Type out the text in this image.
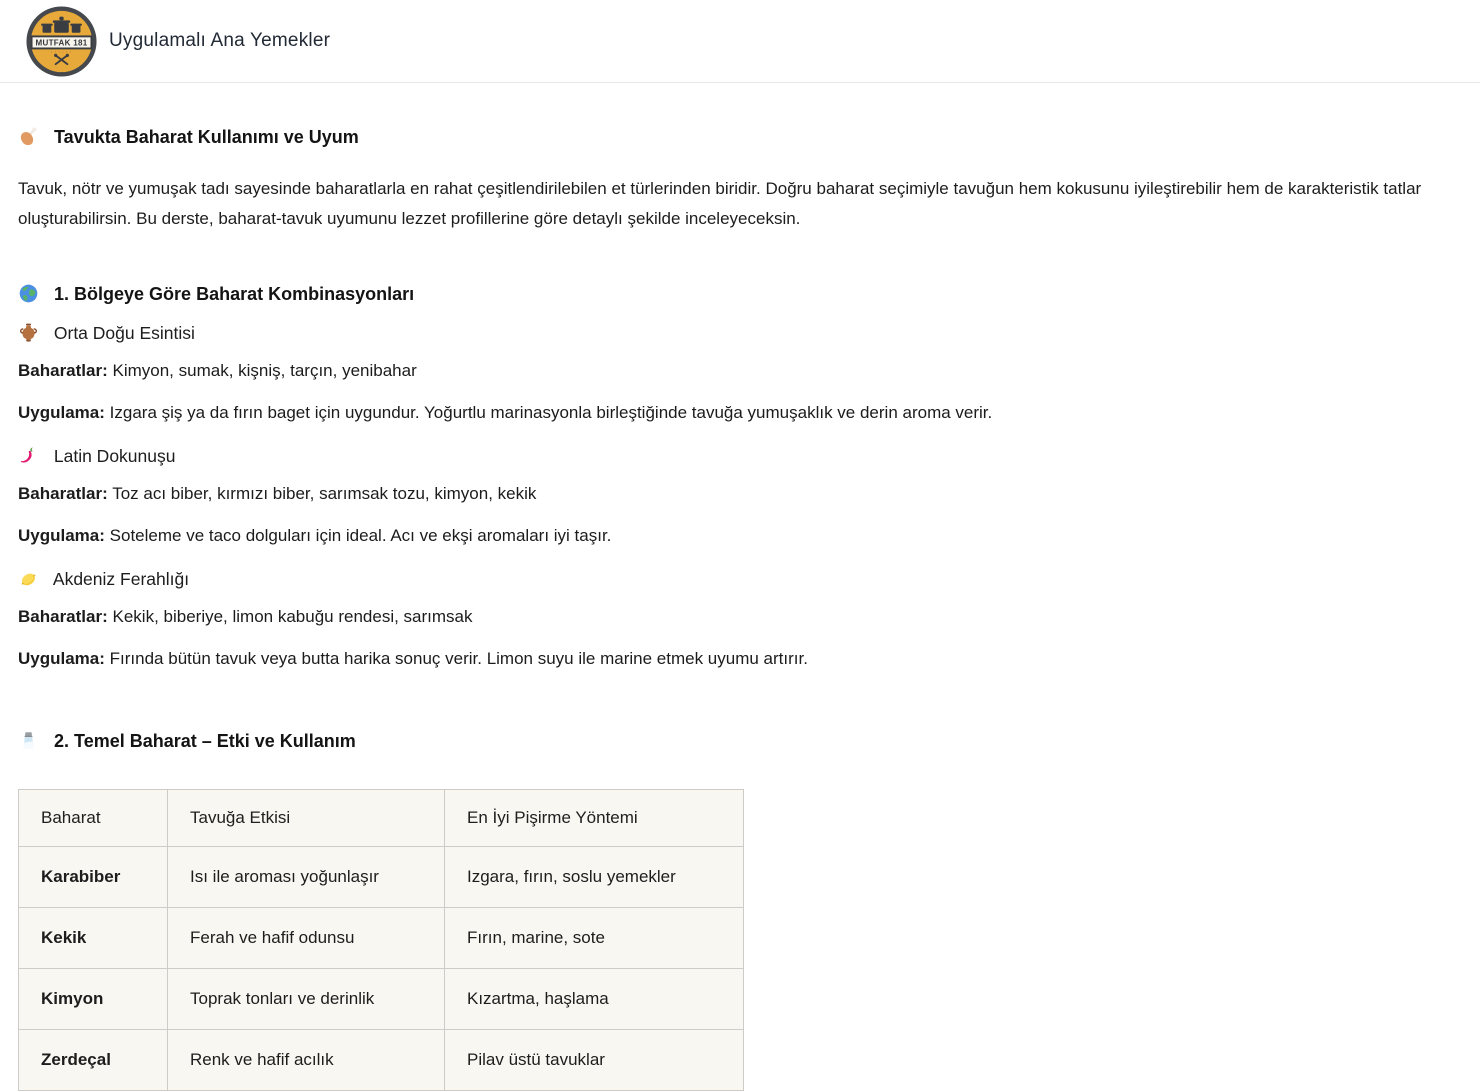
MUTFAK 181
• • • • • •
Uygulamalı Ana Yemekler
Tavukta Baharat Kullanımı ve Uyum

Tavuk, nötr ve yumuşak tadı sayesinde baharatlarla en rahat çeşitlendirilebilen et türlerinden biridir. Doğru baharat seçimiyle tavuğun hem kokusunu iyileştirebilir hem de karakteristik tatlar oluşturabilirsin. Bu derste, baharat-tavuk uyumunu lezzet profillerine göre detaylı şekilde inceleyeceksin.

1. Bölgeye Göre Baharat Kombinasyonları
Orta Doğu Esintisi

Baharatlar: Kimyon, sumak, kişniş, tarçın, yenibahar

Uygulama: Izgara şiş ya da fırın baget için uygundur. Yoğurtlu marinasyonla birleştiğinde tavuğa yumuşaklık ve derin aroma verir.

Latin Dokunuşu

Baharatlar: Toz acı biber, kırmızı biber, sarımsak tozu, kimyon, kekik

Uygulama: Soteleme ve taco dolguları için ideal. Acı ve ekşi aromaları iyi taşır.

Akdeniz Ferahlığı

Baharatlar: Kekik, biberiye, limon kabuğu rendesi, sarımsak

Uygulama: Fırında bütün tavuk veya butta harika sonuç verir. Limon suyu ile marine etmek uyumu artırır.

2. Temel Baharat – Etki ve Kullanım
Baharat	Tavuğa Etkisi	En İyi Pişirme Yöntemi
Karabiber	Isı ile aroması yoğunlaşır	Izgara, fırın, soslu yemekler
Kekik	Ferah ve hafif odunsu	Fırın, marine, sote
Kimyon	Toprak tonları ve derinlik	Kızartma, haşlama
Zerdeçal	Renk ve hafif acılık	Pilav üstü tavuklar
